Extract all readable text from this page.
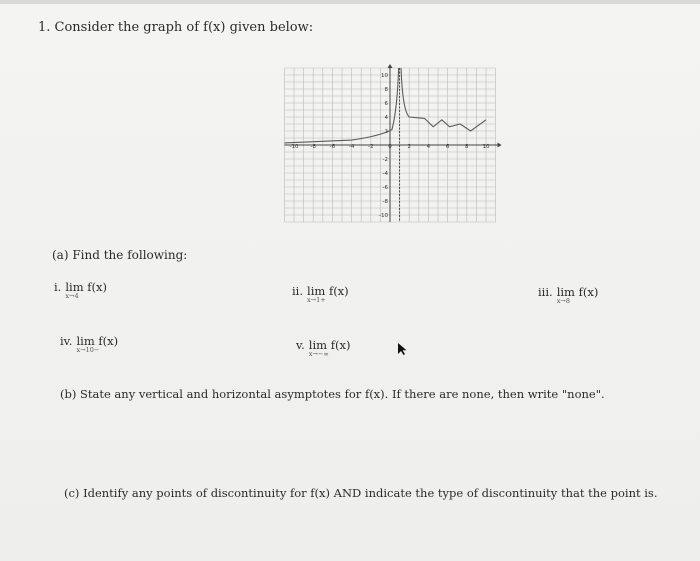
1. Consider the graph of f(x) given below:
-10 -8 -6 -4 -2	0	2	4	6	8	10
10
8
6
4
2
-2
-4
-6
-8
-10
(a) Find the following:
i. lim
x→4
f(x)	ii. lim
x→1+
f(x)	iii. lim
x→8
f(x)
iv. lim
x→10−
f(x)	v. lim
x→−∞
f(x)
(b) State any vertical and horizontal asymptotes for f(x). If there are none, then write "none".
(c) Identify any points of discontinuity for f(x) AND indicate the type of discontinuity that the point is.
